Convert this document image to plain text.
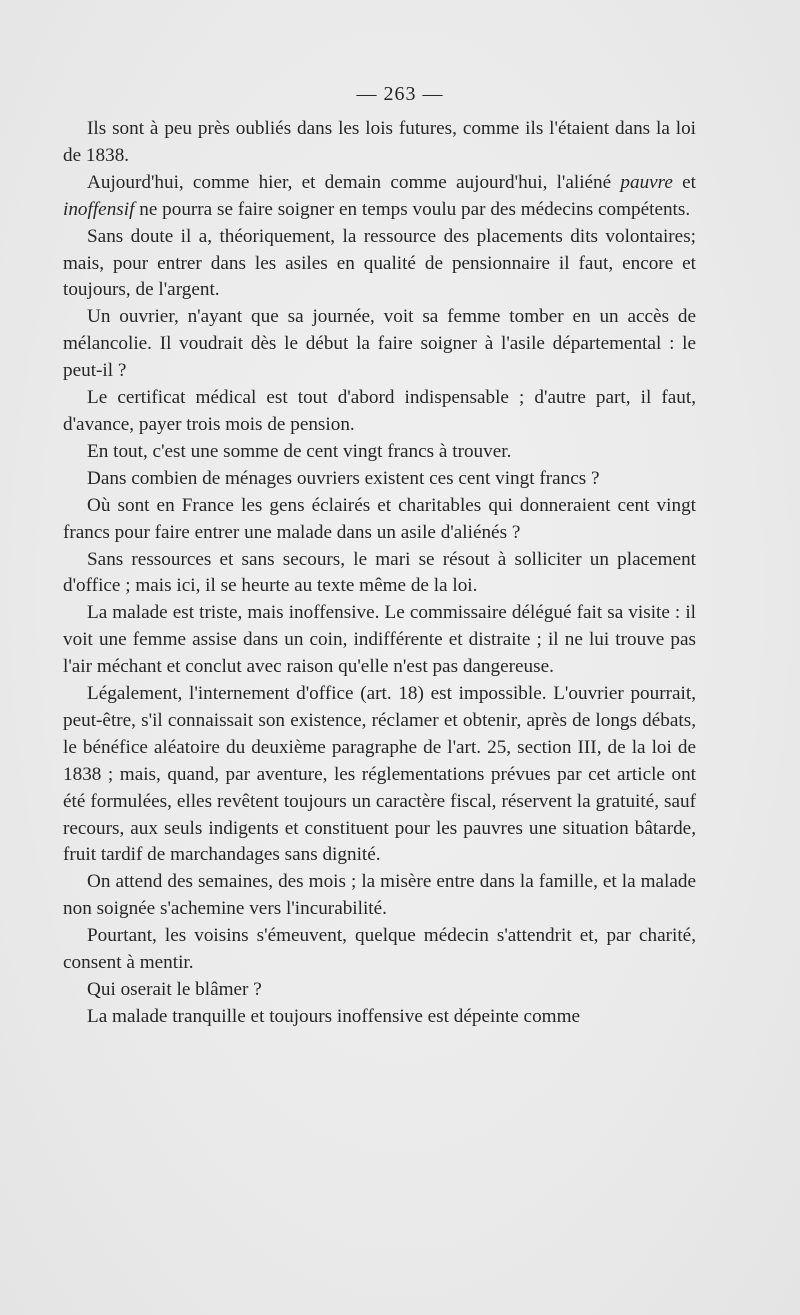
— 263 —

Ils sont à peu près oubliés dans les lois futures, comme ils l'étaient dans la loi de 1838.

Aujourd'hui, comme hier, et demain comme aujourd'hui, l'aliéné pauvre et inoffensif ne pourra se faire soigner en temps voulu par des médecins compétents.

Sans doute il a, théoriquement, la ressource des placements dits volontaires; mais, pour entrer dans les asiles en qualité de pensionnaire il faut, encore et toujours, de l'argent.

Un ouvrier, n'ayant que sa journée, voit sa femme tomber en un accès de mélancolie. Il voudrait dès le début la faire soigner à l'asile départemental : le peut-il ?

Le certificat médical est tout d'abord indispensable ; d'autre part, il faut, d'avance, payer trois mois de pension.

En tout, c'est une somme de cent vingt francs à trouver.

Dans combien de ménages ouvriers existent ces cent vingt francs ?

Où sont en France les gens éclairés et charitables qui donneraient cent vingt francs pour faire entrer une malade dans un asile d'aliénés ?

Sans ressources et sans secours, le mari se résout à solliciter un placement d'office ; mais ici, il se heurte au texte même de la loi.

La malade est triste, mais inoffensive. Le commissaire délégué fait sa visite : il voit une femme assise dans un coin, indifférente et distraite ; il ne lui trouve pas l'air méchant et conclut avec raison qu'elle n'est pas dangereuse.

Légalement, l'internement d'office (art. 18) est impossible. L'ouvrier pourrait, peut-être, s'il connaissait son existence, réclamer et obtenir, après de longs débats, le bénéfice aléatoire du deuxième paragraphe de l'art. 25, section III, de la loi de 1838 ; mais, quand, par aventure, les réglementations prévues par cet article ont été formulées, elles revêtent toujours un caractère fiscal, réservent la gratuité, sauf recours, aux seuls indigents et constituent pour les pauvres une situation bâtarde, fruit tardif de marchandages sans dignité.

On attend des semaines, des mois ; la misère entre dans la famille, et la malade non soignée s'achemine vers l'incurabilité.

Pourtant, les voisins s'émeuvent, quelque médecin s'attendrit et, par charité, consent à mentir.

Qui oserait le blâmer ?

La malade tranquille et toujours inoffensive est dépeinte comme
